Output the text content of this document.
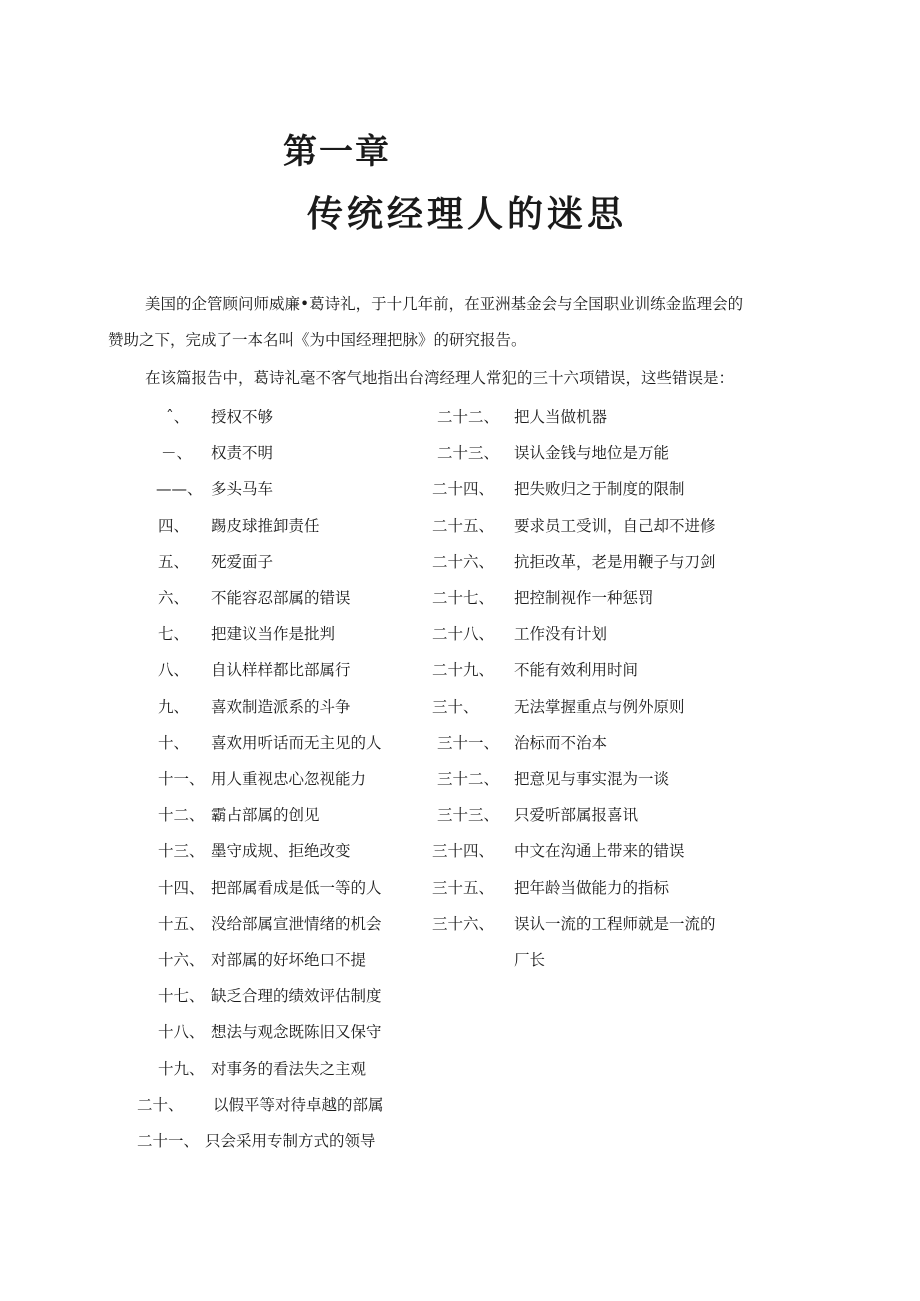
第一章
传统经理人的迷思
美国的企管顾问师威廉•葛诗礼，于十几年前，在亚洲基金会与全国职业训练金监理会的
赞助之下，完成了一本名叫《为中国经理把脉》的研究报告。
在该篇报告中，葛诗礼毫不客气地指出台湾经理人常犯的三十六项错误，这些错误是：
ˆ、 授权不够
－、 权责不明
——、 多头马车
四、 踢皮球推卸责任
五、 死爱面子
六、 不能容忍部属的错误
七、 把建议当作是批判
八、 自认样样都比部属行
九、 喜欢制造派系的斗争
十、 喜欢用听话而无主见的人
十一、 用人重视忠心忽视能力
十二、 霸占部属的创见
十三、 墨守成规、拒绝改变
十四、 把部属看成是低一等的人
十五、 没给部属宣泄情绪的机会
十六、 对部属的好坏绝口不提
十七、 缺乏合理的绩效评估制度
十八、 想法与观念既陈旧又保守
十九、 对事务的看法失之主观
二十、 以假平等对待卓越的部属
二十一、 只会采用专制方式的领导
二十二、 把人当做机器
二十三、 误认金钱与地位是万能
二十四、 把失败归之于制度的限制
二十五、 要求员工受训，自己却不进修
二十六、 抗拒改革，老是用鞭子与刀剑
二十七、 把控制视作一种惩罚
二十八、 工作没有计划
二十九、 不能有效利用时间
三十、 无法掌握重点与例外原则
三十一、 治标而不治本
三十二、 把意见与事实混为一谈
三十三、 只爱听部属报喜讯
三十四、 中文在沟通上带来的错误
三十五、 把年龄当做能力的指标
三十六、 误认一流的工程师就是一流的
厂长
